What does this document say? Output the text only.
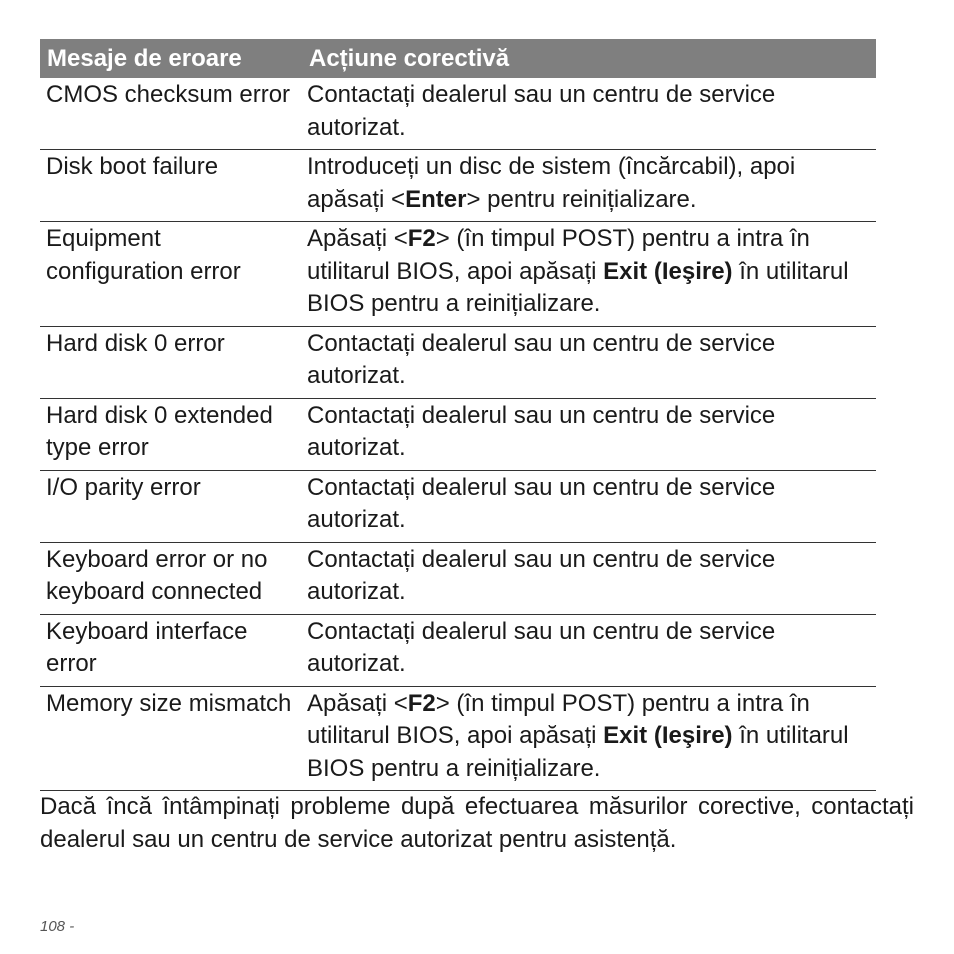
Mesaje de eroare	Acțiune corectivă
CMOS checksum error	Contactați dealerul sau un centru de service autorizat.
Disk boot failure	Introduceți un disc de sistem (încărcabil), apoi apăsați <Enter> pentru reinițializare.
Equipment configuration error	Apăsați <F2> (în timpul POST) pentru a intra în utilitarul BIOS, apoi apăsați Exit (Ieşire) în utilitarul BIOS pentru a reinițializare.
Hard disk 0 error	Contactați dealerul sau un centru de service autorizat.
Hard disk 0 extended type error	Contactați dealerul sau un centru de service autorizat.
I/O parity error	Contactați dealerul sau un centru de service autorizat.
Keyboard error or no keyboard connected	Contactați dealerul sau un centru de service autorizat.
Keyboard interface error	Contactați dealerul sau un centru de service autorizat.
Memory size mismatch	Apăsați <F2> (în timpul POST) pentru a intra în utilitarul BIOS, apoi apăsați Exit (Ieşire) în utilitarul BIOS pentru a reinițializare.

Dacă încă întâmpinați probleme după efectuarea măsurilor corective, contactați dealerul sau un centru de service autorizat pentru asistență.

108 -
